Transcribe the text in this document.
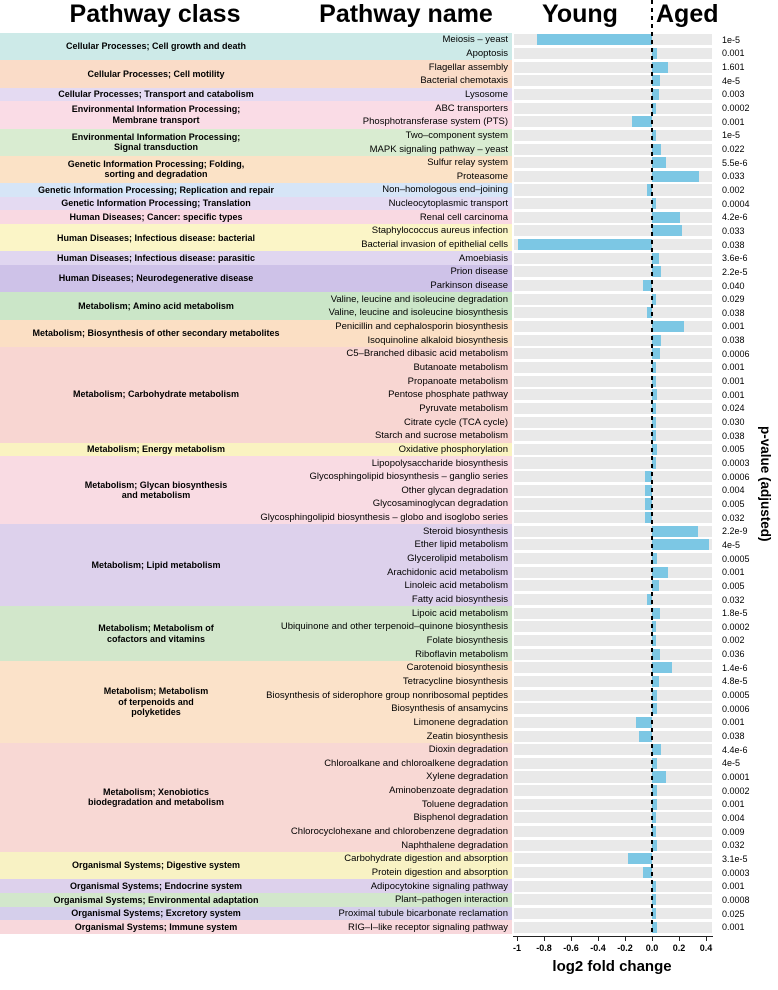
Pathway class	Pathway name	Young	Aged
Cellular Processes; Cell growth and death
Meiosis – yeast	1e-5
Apoptosis	0.001
Cellular Processes; Cell motility
Flagellar assembly	1.601
Bacterial chemotaxis	4e-5
Cellular Processes; Transport and catabolism	Lysosome	0.003
Environmental Information Processing;
Membrane transport
ABC transporters	0.0002
Phosphotransferase system (PTS)	0.001
Environmental Information Processing;
Signal transduction
Two–component system	1e-5
MAPK signaling pathway – yeast	0.022
Genetic Information Processing; Folding,
sorting and degradation
Sulfur relay system	5.5e-6
Proteasome	0.033
Genetic Information Processing; Replication and repair	Non–homologous end–joining	0.002
Genetic Information Processing; Translation	Nucleocytoplasmic transport	0.0004
Human Diseases; Cancer: specific types	Renal cell carcinoma	4.2e-6
Human Diseases; Infectious disease: bacterial
Staphylococcus aureus infection	0.033
Bacterial invasion of epithelial cells	0.038
Human Diseases; Infectious disease: parasitic	Amoebiasis	3.6e-6
Human Diseases; Neurodegenerative disease
Prion disease	2.2e-5
Parkinson disease	0.040
Metabolism; Amino acid metabolism
Valine, leucine and isoleucine degradation	0.029
Valine, leucine and isoleucine biosynthesis	0.038
Metabolism; Biosynthesis of other secondary metabolites
Penicillin and cephalosporin biosynthesis	0.001
Isoquinoline alkaloid biosynthesis	0.038
Metabolism; Carbohydrate metabolism
C5–Branched dibasic acid metabolism	0.0006
Butanoate metabolism	0.001
Propanoate metabolism	0.001
Pentose phosphate pathway	0.001
Pyruvate metabolism	0.024
Citrate cycle (TCA cycle)	0.030
Starch and sucrose metabolism	0.038
Metabolism; Energy metabolism	Oxidative phosphorylation	0.005
Metabolism; Glycan biosynthesis
and metabolism
Lipopolysaccharide biosynthesis	0.0003
Glycosphingolipid biosynthesis – ganglio series	0.0006
Other glycan degradation	0.004
Glycosaminoglycan degradation	0.005
Glycosphingolipid biosynthesis – globo and isoglobo series	0.032
Metabolism; Lipid metabolism
Steroid biosynthesis	2.2e-9
Ether lipid metabolism	4e-5
Glycerolipid metabolism	0.0005
Arachidonic acid metabolism	0.001
Linoleic acid metabolism	0.005
Fatty acid biosynthesis	0.032
Metabolism; Metabolism of
cofactors and vitamins
Lipoic acid metabolism	1.8e-5
Ubiquinone and other terpenoid–quinone biosynthesis	0.0002
Folate biosynthesis	0.002
Riboflavin metabolism	0.036
Metabolism; Metabolism
of terpenoids and
polyketides
Carotenoid biosynthesis	1.4e-6
Tetracycline biosynthesis	4.8e-5
Biosynthesis of siderophore group nonribosomal peptides	0.0005
Biosynthesis of ansamycins	0.0006
Limonene degradation	0.001
Zeatin biosynthesis	0.038
Metabolism; Xenobiotics
biodegradation and metabolism
Dioxin degradation	4.4e-6
Chloroalkane and chloroalkene degradation	4e-5
Xylene degradation	0.0001
Aminobenzoate degradation	0.0002
Toluene degradation	0.001
Bisphenol degradation	0.004
Chlorocyclohexane and chlorobenzene degradation	0.009
Naphthalene degradation	0.032
Organismal Systems; Digestive system
Carbohydrate digestion and absorption	3.1e-5
Protein digestion and absorption	0.0003
Organismal Systems; Endocrine system	Adipocytokine signaling pathway	0.001
Organismal Systems; Environmental adaptation	Plant–pathogen interaction	0.0008
Organismal Systems; Excretory system	Proximal tubule bicarbonate reclamation	0.025
Organismal Systems; Immune system	RIG–I–like receptor signaling pathway	0.001
log2 fold change
-1	-0.8	-0.6	-0.4	-0.2	0.0	0.2	0.4
p-value (adjusted)
